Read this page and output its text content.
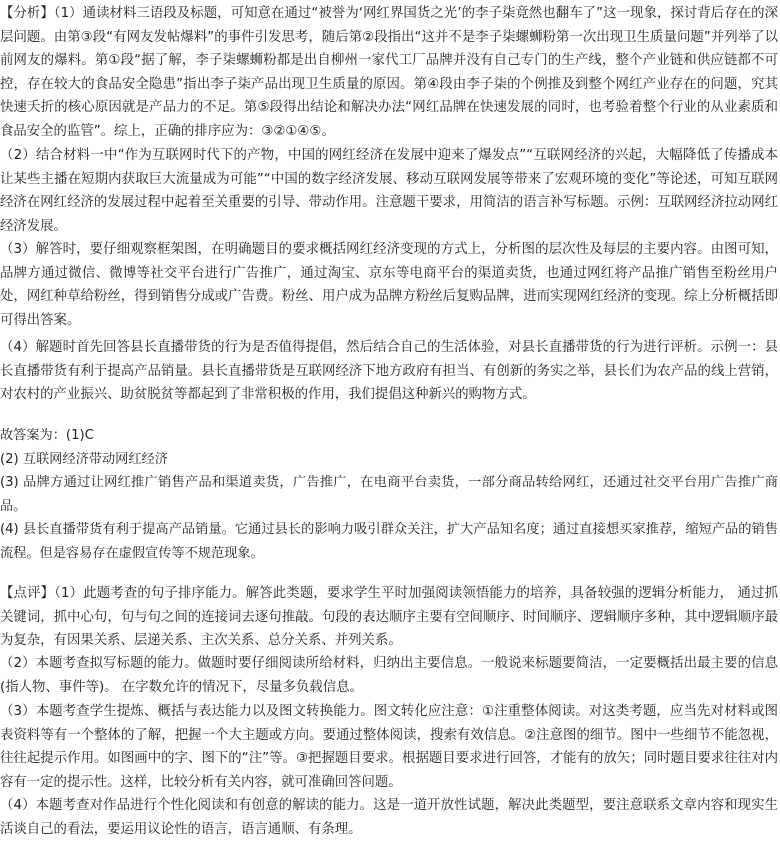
【分析】（1）通读材料三语段及标题，可知意在通过“被誉为‘网红界国货之光’的李子柒竟然也翻车了”这一现象，探讨背后存在的深层问题。由第③段“有网友发帖爆料”的事件引发思考，随后第②段指出“这并不是李子柒螺蛳粉第一次出现卫生质量问题”并列举了以前网友的爆料。第①段“据了解，李子柒螺蛳粉都是出自柳州一家代工厂品牌并没有自己专门的生产线，整个产业链和供应链都不可控，存在较大的食品安全隐患”指出李子柒产品出现卫生质量的原因。第④段由李子柒的个例推及到整个网红产业存在的问题，究其快速夭折的核心原因就是产品力的不足。第⑤段得出结论和解决办法“网红品牌在快速发展的同时，也考验着整个行业的从业素质和食品安全的监管”。综上，正确的排序应为：③②①④⑤。

（2）结合材料一中“作为互联网时代下的产物，中国的网红经济在发展中迎来了爆发点”“互联网经济的兴起，大幅降低了传播成本让某些主播在短期内获取巨大流量成为可能”“中国的数字经济发展、移动互联网发展等带来了宏观环境的变化”等论述，可知互联网经济在网红经济的发展过程中起着至关重要的引导、带动作用。注意题干要求，用简洁的语言补写标题。示例：互联网经济拉动网红经济发展。

（3）解答时，要仔细观察框架图，在明确题目的要求概括网红经济变现的方式上，分析图的层次性及每层的主要内容。由图可知，品牌方通过微信、微博等社交平台进行广告推广，通过淘宝、京东等电商平台的渠道卖货，也通过网红将产品推广销售至粉丝用户处，网红种草给粉丝，得到销售分成或广告费。粉丝、用户成为品牌方粉丝后复购品牌，进而实现网红经济的变现。综上分析概括即可得出答案。

（4）解题时首先回答县长直播带货的行为是否值得提倡，然后结合自己的生活体验，对县长直播带货的行为进行评析。示例一：县长直播带货有利于提高产品销量。县长直播带货是互联网经济下地方政府有担当、有创新的务实之举，县长们为农产品的线上营销，对农村的产业振兴、助贫脱贫等都起到了非常积极的作用，我们提倡这种新兴的购物方式。

故答案为：(1)C
(2) 互联网经济带动网红经济
(3) 品牌方通过让网红推广销售产品和渠道卖货，广告推广，在电商平台卖货，一部分商品转给网红，还通过社交平台用广告推广商品。
(4) 县长直播带货有利于提高产品销量。它通过县长的影响力吸引群众关注，扩大产品知名度；通过直接想买家推荐，缩短产品的销售流程。但是容易存在虚假宣传等不规范现象。

【点评】（1）此题考查的句子排序能力。解答此类题，要求学生平时加强阅读领悟能力的培养，具备较强的逻辑分析能力， 通过抓关键词，抓中心句，句与句之间的连接词去逐句推敲。句段的表达顺序主要有空间顺序、时间顺序、逻辑顺序多种，其中逻辑顺序最为复杂，有因果关系、层递关系、主次关系、总分关系、并列关系。

（2）本题考查拟写标题的能力。做题时要仔细阅读所给材料，归纳出主要信息。一般说来标题要简洁，一定要概括出最主要的信息(指人物、事件等)。 在字数允许的情况下，尽量多负载信息。

（3）本题考查学生提炼、概括与表达能力以及图文转换能力。图文转化应注意：①注重整体阅读。对这类考题，应当先对材料或图表资料等有一个整体的了解，把握一个大主题或方向。要通过整体阅读，搜索有效信息。②注意图的细节。图中一些细节不能忽视，往往起提示作用。如图画中的字、图下的“注”等。③把握题目要求。根据题目要求进行回答，才能有的放矢；同时题目要求往往对内容有一定的提示性。这样，比较分析有关内容，就可准确回答问题。

（4）本题考查对作品进行个性化阅读和有创意的解读的能力。这是一道开放性试题，解决此类题型，要注意联系文章内容和现实生活谈自己的看法，要运用议论性的语言，语言通顺、有条理。
